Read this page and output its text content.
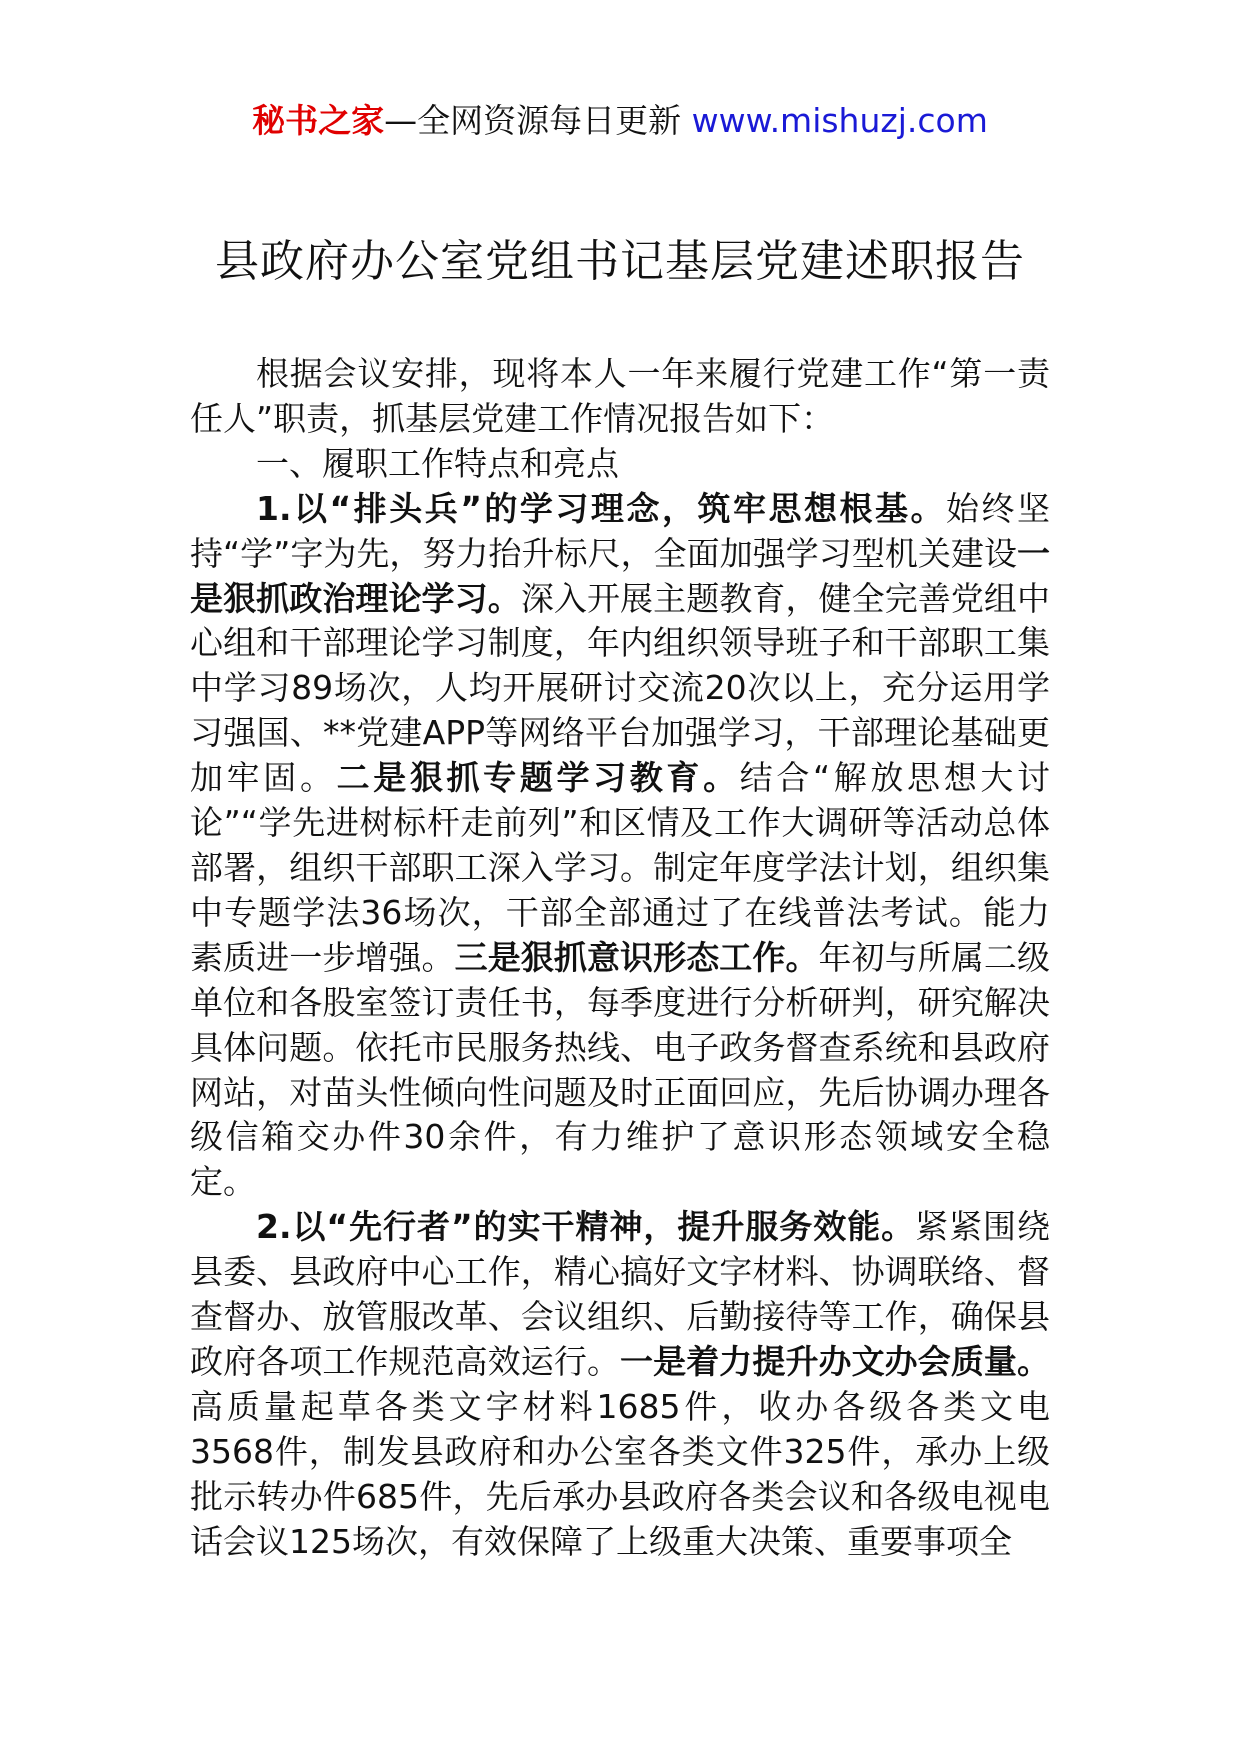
秘书之家—全网资源每日更新 www.mishuzj.com
县政府办公室党组书记基层党建述职报告

根据会议安排，现将本人一年来履行党建工作“第一责任人”职责，抓基层党建工作情况报告如下：

一、履职工作特点和亮点

1.以“排头兵”的学习理念，筑牢思想根基。始终坚持“学”字为先，努力抬升标尺，全面加强学习型机关建设一是狠抓政治理论学习。深入开展主题教育，健全完善党组中心组和干部理论学习制度，年内组织领导班子和干部职工集中学习89场次，人均开展研讨交流20次以上，充分运用学习强国、**党建APP等网络平台加强学习，干部理论基础更加牢固。二是狠抓专题学习教育。结合“解放思想大讨论”“学先进树标杆走前列”和区情及工作大调研等活动总体部署，组织干部职工深入学习。制定年度学法计划，组织集中专题学法36场次，干部全部通过了在线普法考试。能力素质进一步增强。三是狠抓意识形态工作。年初与所属二级单位和各股室签订责任书，每季度进行分析研判，研究解决具体问题。依托市民服务热线、电子政务督查系统和县政府网站，对苗头性倾向性问题及时正面回应，先后协调办理各级信箱交办件30余件，有力维护了意识形态领域安全稳定。

2.以“先行者”的实干精神，提升服务效能。紧紧围绕县委、县政府中心工作，精心搞好文字材料、协调联络、督查督办、放管服改革、会议组织、后勤接待等工作，确保县政府各项工作规范高效运行。一是着力提升办文办会质量。高质量起草各类文字材料1685件，收办各级各类文电3568件，制发县政府和办公室各类文件325件，承办上级批示转办件685件，先后承办县政府各类会议和各级电视电话会议125场次，有效保障了上级重大决策、重要事项全
